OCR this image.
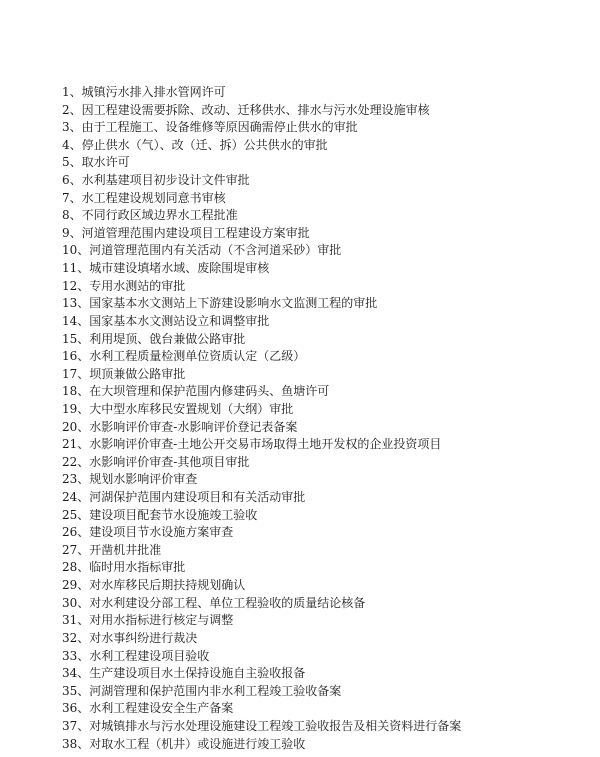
1、城镇污水排入排水管网许可
2、因工程建设需要拆除、改动、迁移供水、排水与污水处理设施审核
3、由于工程施工、设备维修等原因确需停止供水的审批
4、停止供水（气）、改（迁、拆）公共供水的审批
5、取水许可
6、水利基建项目初步设计文件审批
7、水工程建设规划同意书审核
8、不同行政区域边界水工程批准
9、河道管理范围内建设项目工程建设方案审批
10、河道管理范围内有关活动（不含河道采砂）审批
11、城市建设填堵水域、废除围堤审核
12、专用水测站的审批
13、国家基本水文测站上下游建设影响水文监测工程的审批
14、国家基本水文测站设立和调整审批
15、利用堤顶、戗台兼做公路审批
16、水利工程质量检测单位资质认定（乙级）
17、坝顶兼做公路审批
18、在大坝管理和保护范围内修建码头、鱼塘许可
19、大中型水库移民安置规划（大纲）审批
20、水影响评价审查-水影响评价登记表备案
21、水影响评价审查-土地公开交易市场取得土地开发权的企业投资项目
22、水影响评价审查-其他项目审批
23、规划水影响评价审查
24、河湖保护范围内建设项目和有关活动审批
25、建设项目配套节水设施竣工验收
26、建设项目节水设施方案审查
27、开凿机井批准
28、临时用水指标审批
29、对水库移民后期扶持规划确认
30、对水利建设分部工程、单位工程验收的质量结论核备
31、对用水指标进行核定与调整
32、对水事纠纷进行裁决
33、水利工程建设项目验收
34、生产建设项目水土保持设施自主验收报备
35、河湖管理和保护范围内非水利工程竣工验收备案
36、水利工程建设安全生产备案
37、对城镇排水与污水处理设施建设工程竣工验收报告及相关资料进行备案
38、对取水工程（机井）或设施进行竣工验收
